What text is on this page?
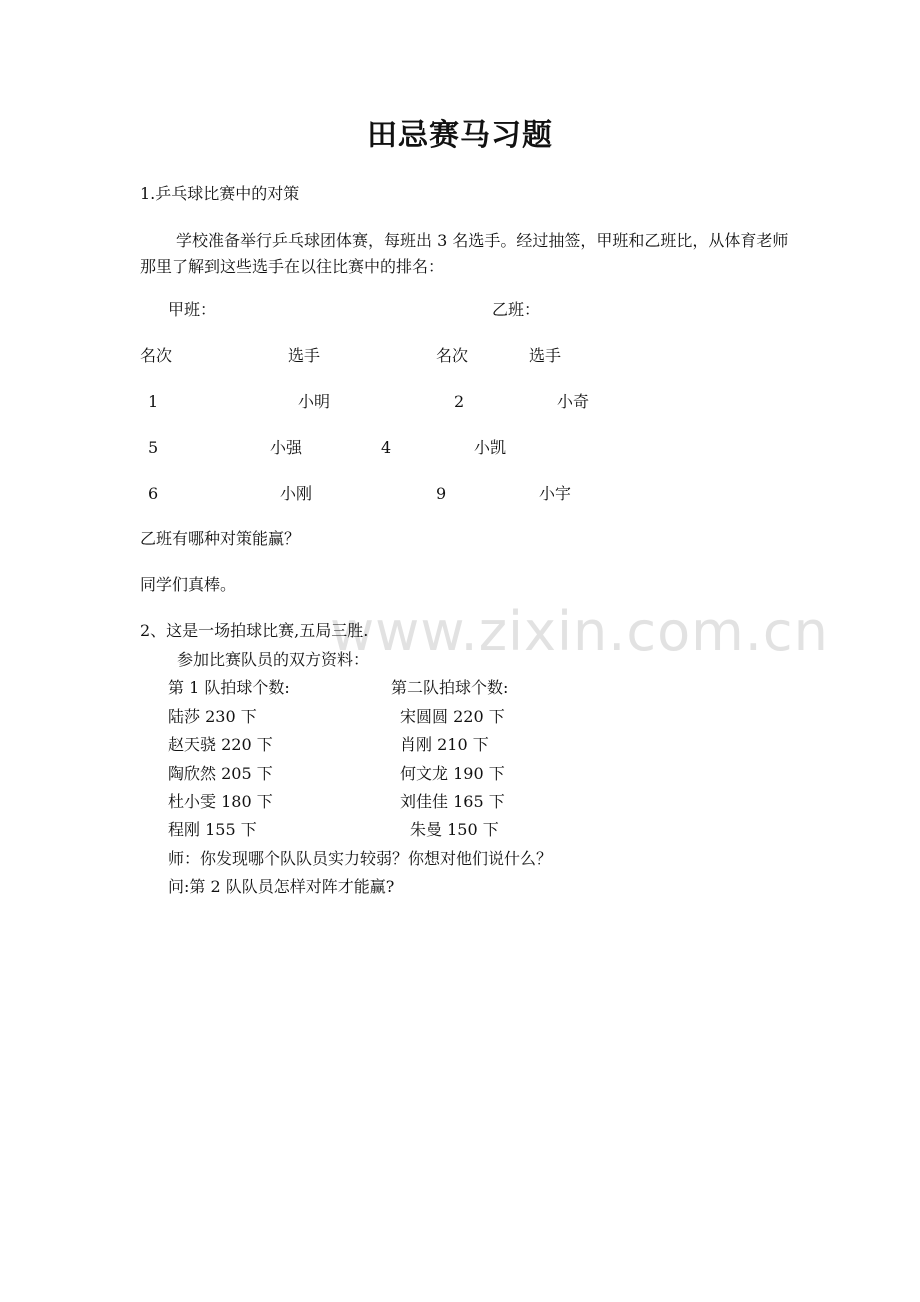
www.zixin.com.cn
田忌赛马习题
1.乒乓球比赛中的对策
学校准备举行乒乓球团体赛，每班出 3 名选手。经过抽签，甲班和乙班比，从体育老师那里了解到这些选手在以往比赛中的排名：
甲班：	乙班：
名次	选手	名次	选手
1	小明	2	小奇
5	小强	4	小凯
6	小刚	9	小宇
乙班有哪种对策能赢？
同学们真棒。
2、这是一场拍球比赛,五局三胜.
参加比赛队员的双方资料：
第 1 队拍球个数:	第二队拍球个数:
陆莎 230 下	宋圆圆 220 下
赵天骁 220 下	肖刚 210 下
陶欣然 205 下	何文龙 190 下
杜小雯 180 下	刘佳佳 165 下
程刚 155 下	朱曼 150 下
师：你发现哪个队队员实力较弱？你想对他们说什么？
问:第 2 队队员怎样对阵才能赢?
